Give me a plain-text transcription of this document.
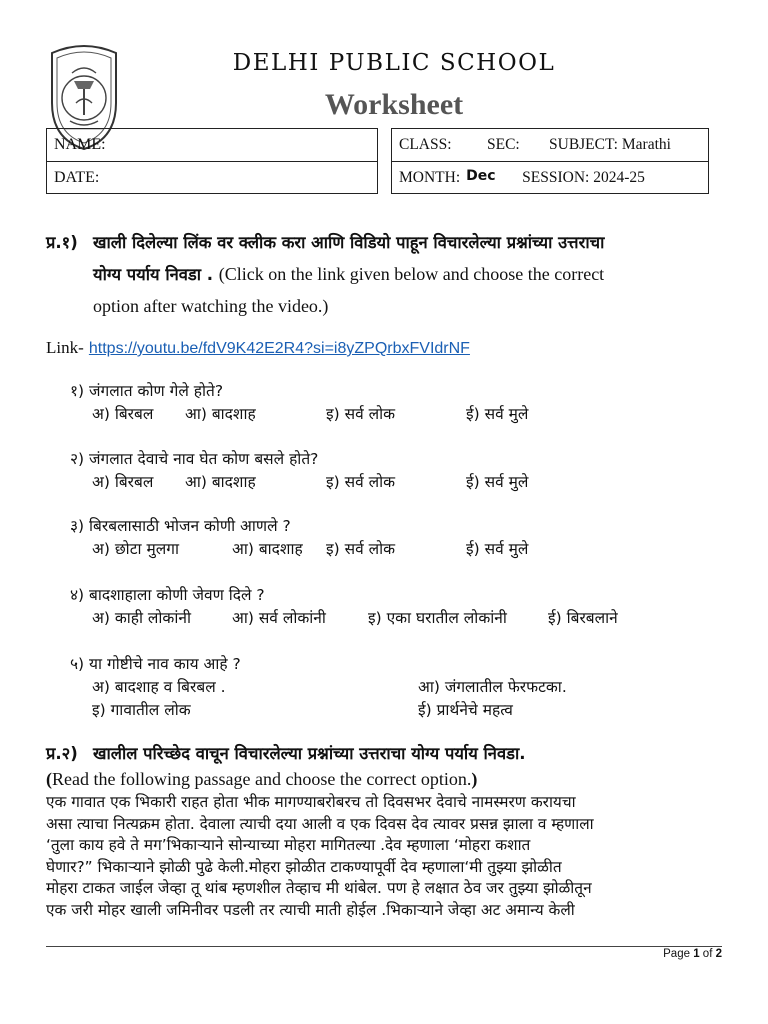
DELHI PUBLIC SCHOOL
Worksheet
NAME:
DATE:
CLASS:	SEC:	SUBJECT: Marathi
MONTH: Dec	SESSION: 2024-25
प्र.१) खाली दिलेल्या लिंक वर क्लीक करा आणि विडियो पाहून विचारलेल्या प्रश्नांच्या उत्तराचा
योग्य पर्याय निवडा . (Click on the link given below and choose the correct
option after watching the video.)
Link- https://youtu.be/fdV9K42E2R4?si=i8yZPQrbxFVIdrNF
१) जंगलात कोण गेले होते?
अ) बिरबल आ) बादशाह	इ) सर्व लोक	ई) सर्व मुले
२) जंगलात देवाचे नाव घेत कोण बसले होते?
अ) बिरबल आ) बादशाह	इ) सर्व लोक	ई) सर्व मुले
३) बिरबलासाठी भोजन कोणी आणले ?
अ) छोटा मुलगा	आ) बादशाह इ) सर्व लोक	ई) सर्व मुले
४) बादशाहाला कोणी जेवण दिले ?
अ) काही लोकांनी	आ) सर्व लोकांनी	इ) एका घरातील लोकांनी	ई) बिरबलाने
५) या गोष्टीचे नाव काय आहे ?
अ) बादशाह व बिरबल .	आ) जंगलातील फेरफटका.
इ) गावातील लोक	ई) प्रार्थनेचे महत्व
प्र.२) खालील परिच्छेद वाचून विचारलेल्या प्रश्नांच्या उत्तराचा योग्य पर्याय निवडा.
(Read the following passage and choose the correct option.)
एक गावात एक भिकारी राहत होता भीक मागण्याबरोबरच तो दिवसभर देवाचे नामस्मरण करायचा
असा त्याचा नित्यक्रम होता. देवाला त्याची दया आली व एक दिवस देव त्यावर प्रसन्न झाला व म्हणाला
‘तुला काय हवे ते मग’भिकाऱ्याने सोन्याच्या मोहरा मागितल्या .देव म्हणाला ‘मोहरा कशात
घेणार?” भिकाऱ्याने झोळी पुढे केली.मोहरा झोळीत टाकण्यापूर्वी देव म्हणाला‘मी तुझ्या झोळीत
मोहरा टाकत जाईल जेव्हा तू थांब म्हणशील तेव्हाच मी थांबेल. पण हे लक्षात ठेव जर तुझ्या झोळीतून
एक जरी मोहर खाली जमिनीवर पडली तर त्याची माती होईल .भिकाऱ्याने जेव्हा अट अमान्य केली
Page 1 of 2
